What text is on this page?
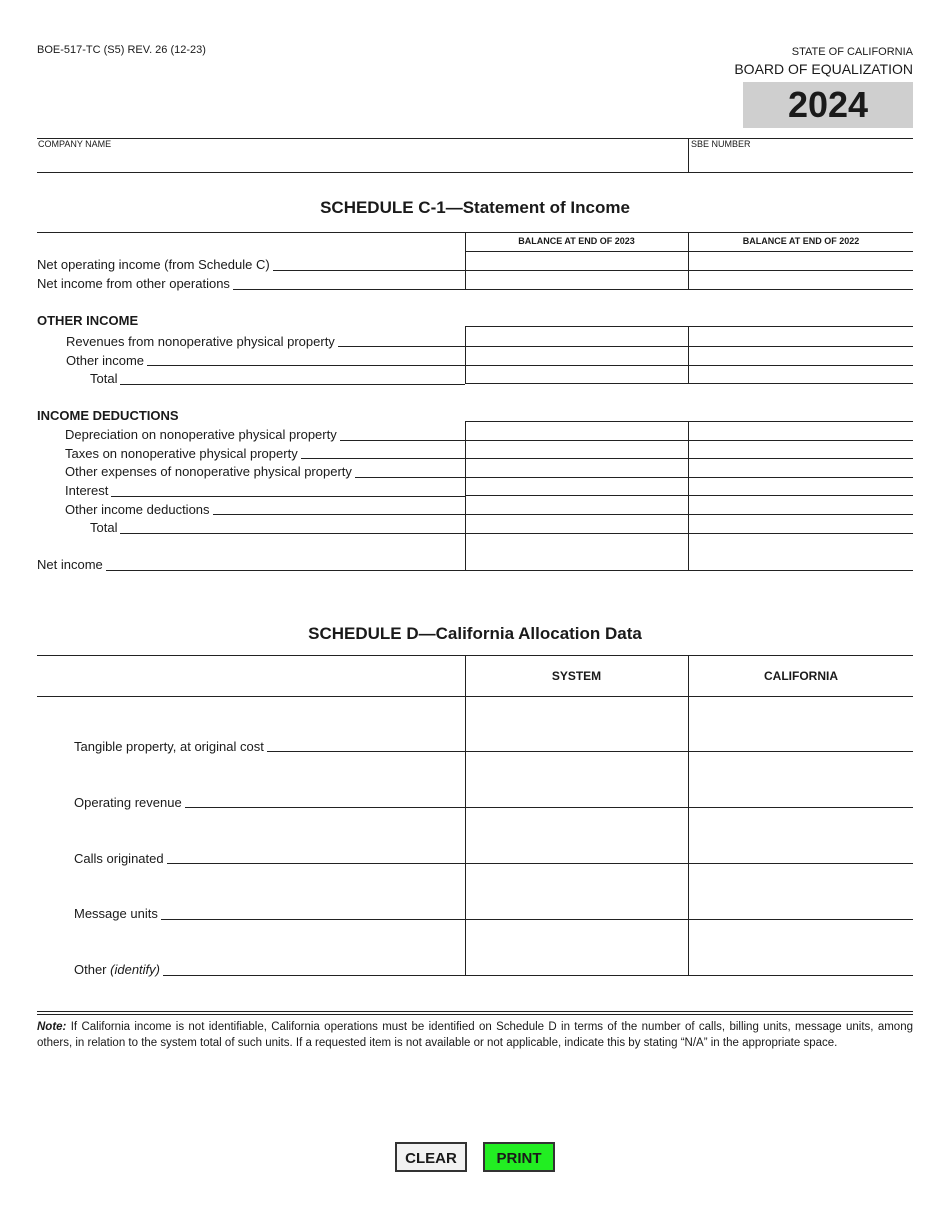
BOE-517-TC (S5) REV. 26 (12-23)	STATE OF CALIFORNIA
BOARD OF EQUALIZATION
2024
COMPANY NAME	SBE NUMBER
SCHEDULE C-1—Statement of Income
BALANCE AT END OF 2023	BALANCE AT END OF 2022
Net operating income (from Schedule C)
Net income from other operations
OTHER INCOME
Revenues from nonoperative physical property
Other income
Total
INCOME DEDUCTIONS
Depreciation on nonoperative physical property
Taxes on nonoperative physical property
Other expenses of nonoperative physical property
Interest
Other income deductions
Total
Net income
SCHEDULE D—California Allocation Data
SYSTEM	CALIFORNIA
Tangible property, at original cost
Operating revenue
Calls originated
Message units
Other (identify)
Note: If California income is not identifiable, California operations must be identified on Schedule D in terms of the number of calls, billing units, message units, among others, in relation to the system total of such units. If a requested item is not available or not applicable, indicate this by stating “N/A” in the appropriate space.
CLEAR	PRINT
